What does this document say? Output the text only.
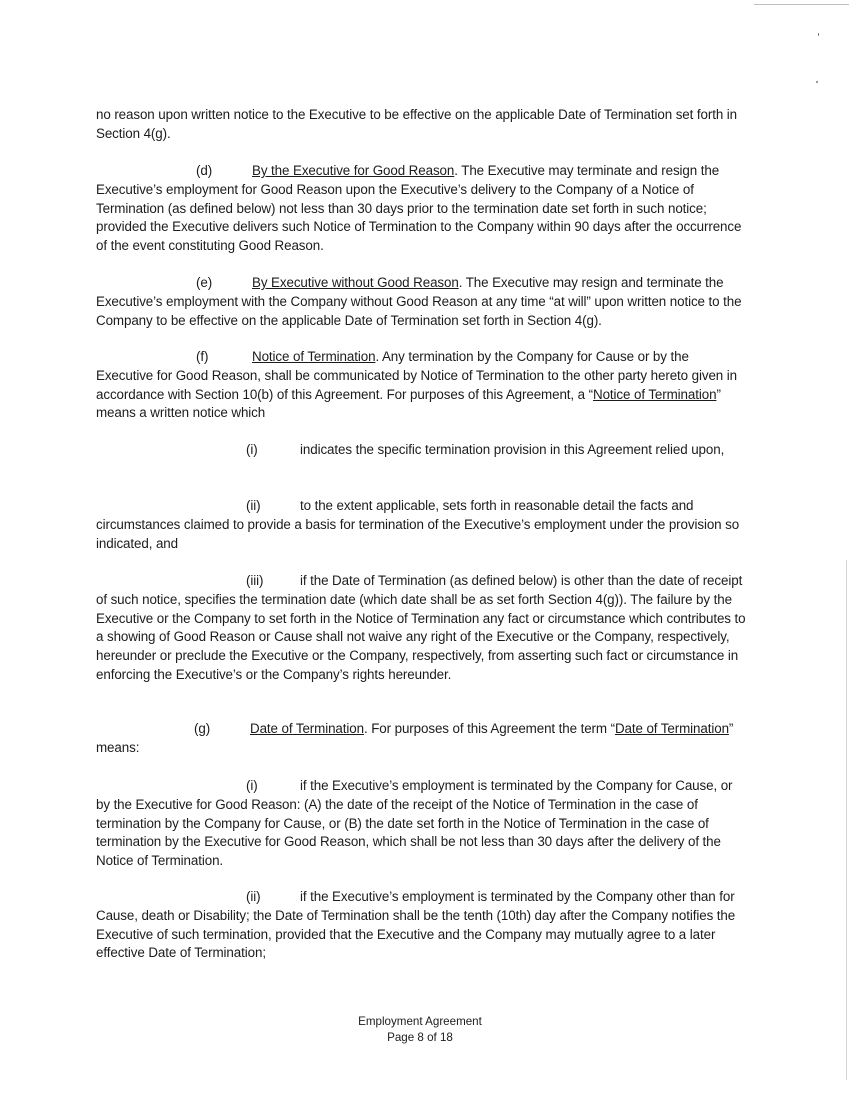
no reason upon written notice to the Executive to be effective on the applicable Date of Termination set forth in Section 4(g).

(d)	By the Executive for Good Reason. The Executive may terminate and resign the Executive’s employment for Good Reason upon the Executive’s delivery to the Company of a Notice of Termination (as defined below) not less than 30 days prior to the termination date set forth in such notice; provided the Executive delivers such Notice of Termination to the Company within 90 days after the occurrence of the event constituting Good Reason.

(e)	By Executive without Good Reason. The Executive may resign and terminate the Executive’s employment with the Company without Good Reason at any time “at will” upon written notice to the Company to be effective on the applicable Date of Termination set forth in Section 4(g).

(f)	Notice of Termination. Any termination by the Company for Cause or by the Executive for Good Reason, shall be communicated by Notice of Termination to the other party hereto given in accordance with Section 10(b) of this Agreement. For purposes of this Agreement, a “Notice of Termination” means a written notice which

(i)	indicates the specific termination provision in this Agreement relied upon,

(ii)	to the extent applicable, sets forth in reasonable detail the facts and circumstances claimed to provide a basis for termination of the Executive’s employment under the provision so indicated, and

(iii)	if the Date of Termination (as defined below) is other than the date of receipt of such notice, specifies the termination date (which date shall be as set forth Section 4(g)). The failure by the Executive or the Company to set forth in the Notice of Termination any fact or circumstance which contributes to a showing of Good Reason or Cause shall not waive any right of the Executive or the Company, respectively, hereunder or preclude the Executive or the Company, respectively, from asserting such fact or circumstance in enforcing the Executive’s or the Company’s rights hereunder.

(g)	Date of Termination. For purposes of this Agreement the term “Date of Termination” means:

(i)	if the Executive’s employment is terminated by the Company for Cause, or by the Executive for Good Reason: (A) the date of the receipt of the Notice of Termination in the case of termination by the Company for Cause, or (B) the date set forth in the Notice of Termination in the case of termination by the Executive for Good Reason, which shall be not less than 30 days after the delivery of the Notice of Termination.

(ii)	if the Executive’s employment is terminated by the Company other than for Cause, death or Disability; the Date of Termination shall be the tenth (10th) day after the Company notifies the Executive of such termination, provided that the Executive and the Company may mutually agree to a later effective Date of Termination;

Employment Agreement
Page 8 of 18
